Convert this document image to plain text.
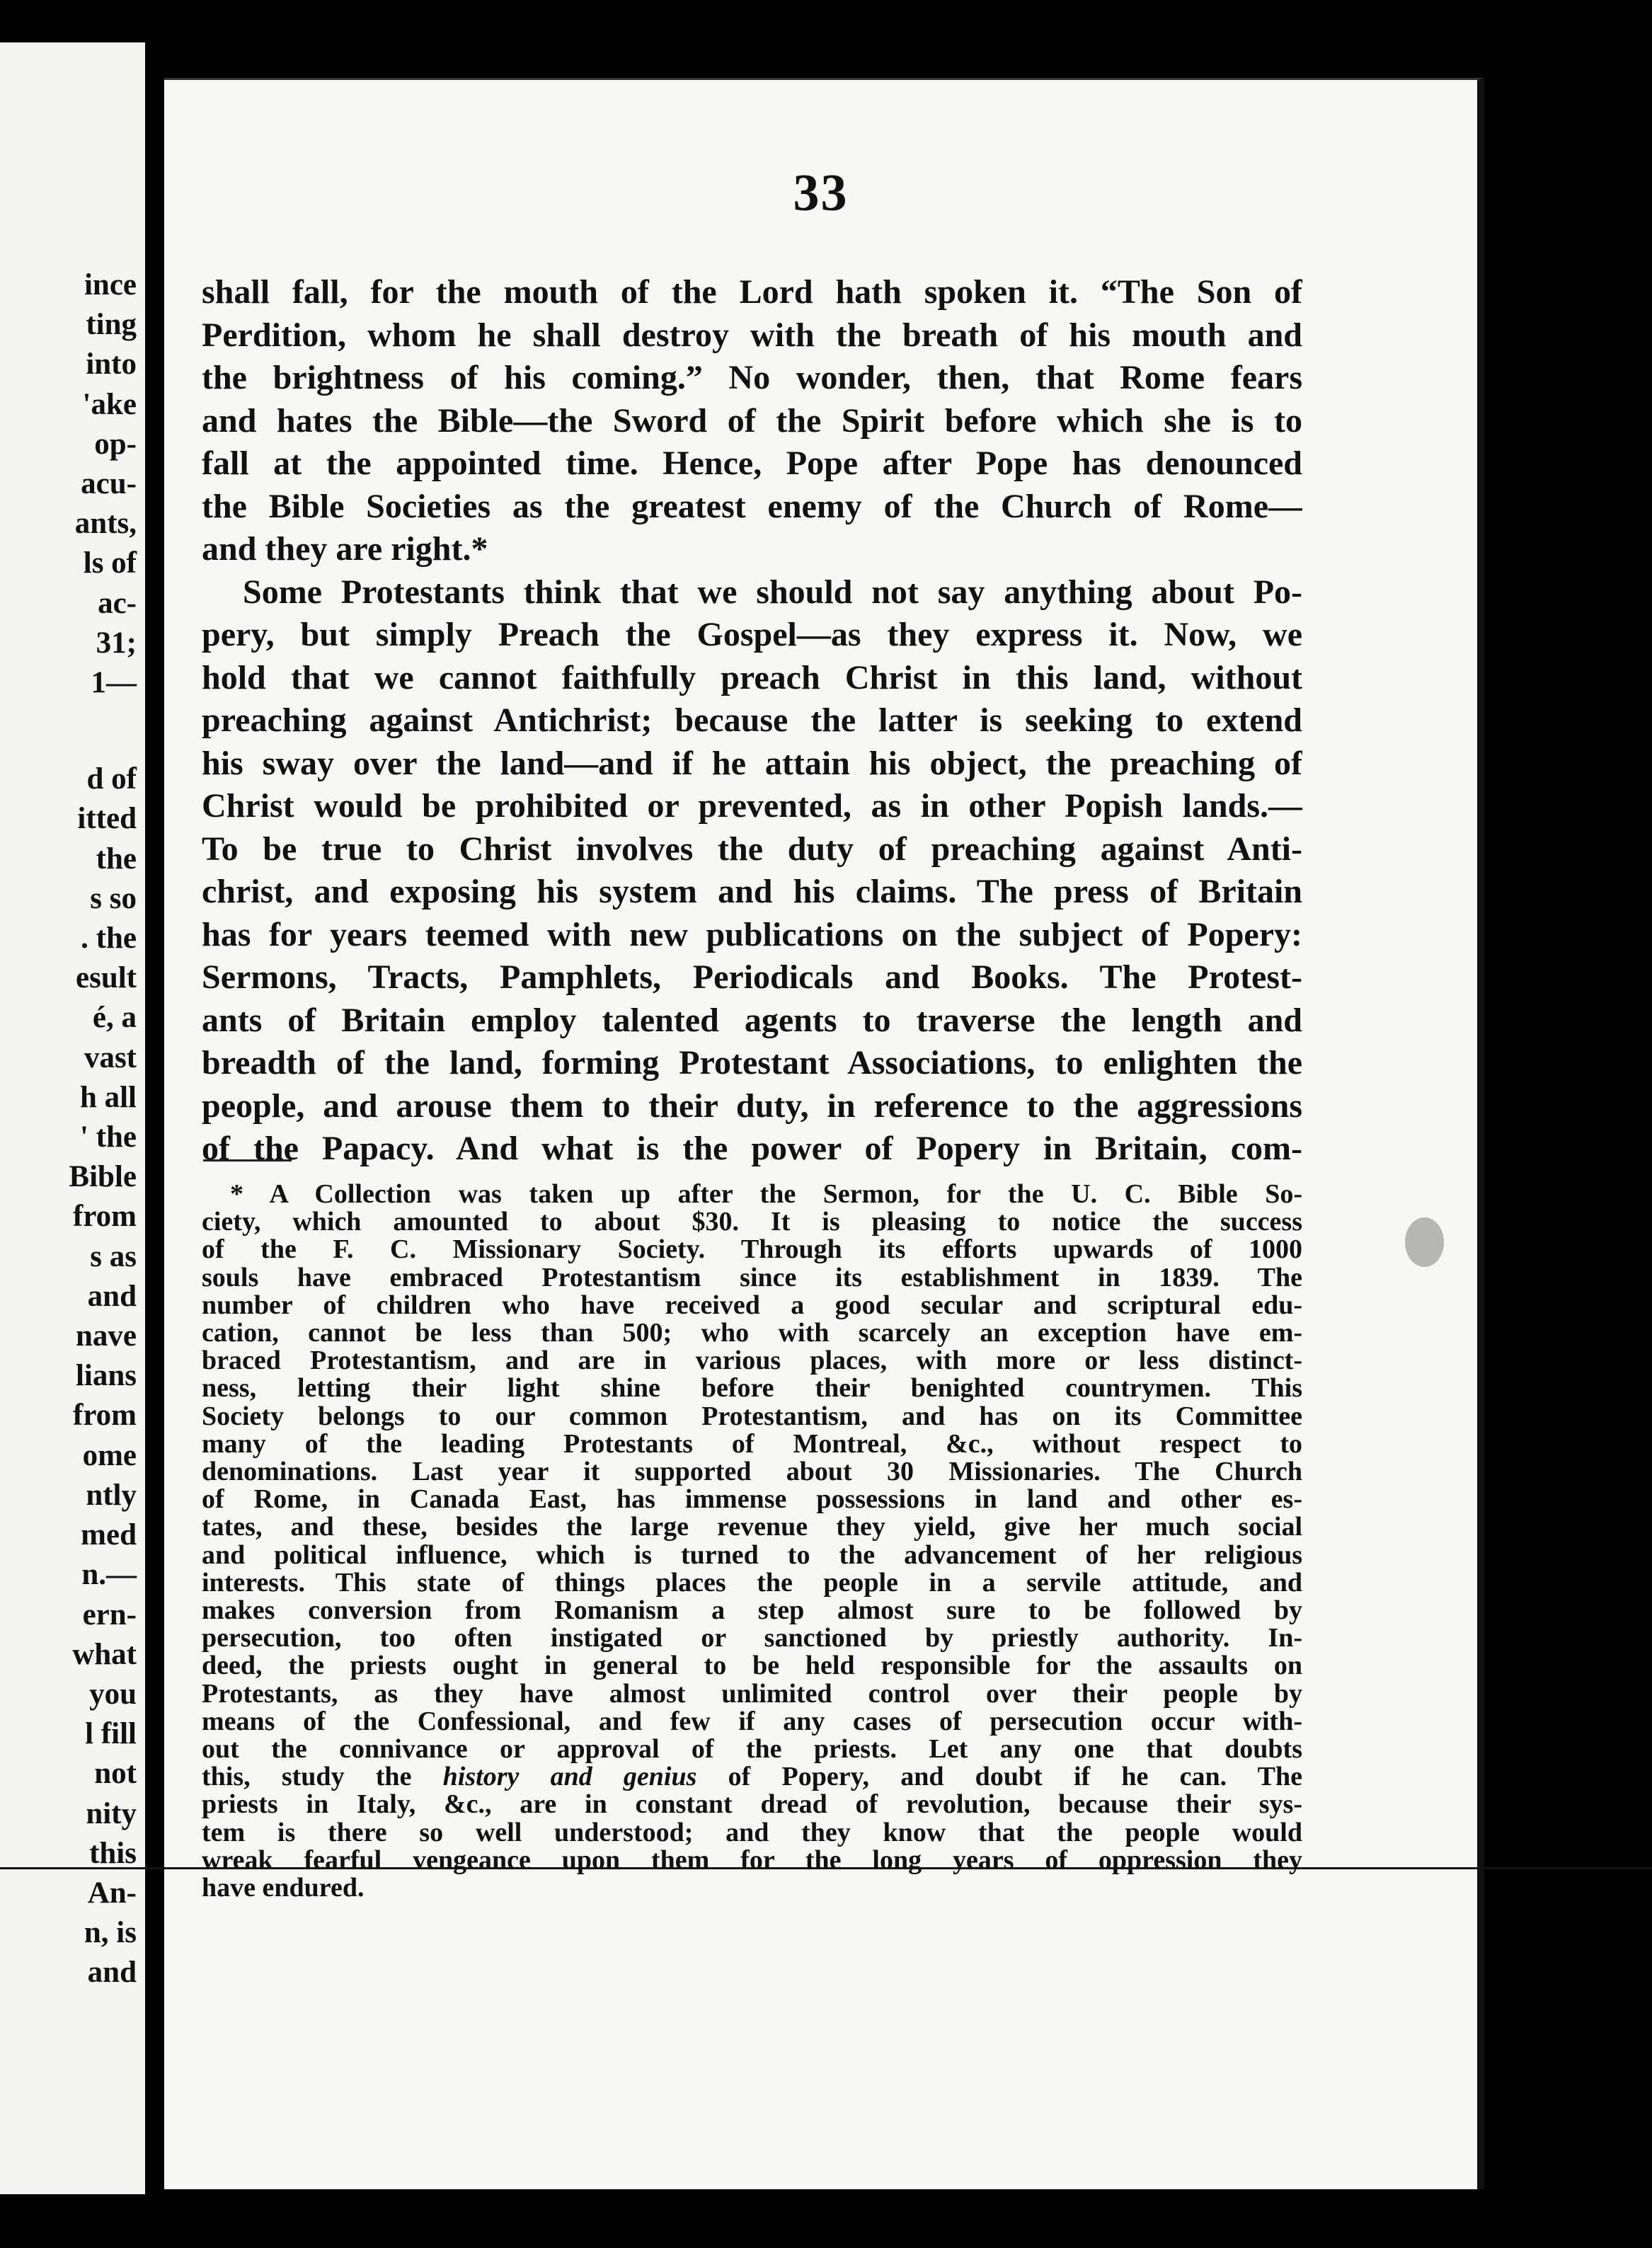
ince
ting
into
'ake
op-
acu-
ants,
ls of
ac-
31;
1—
d of
itted
the
s so
. the
esult
é, a
vast
h all
' the
Bible
from
s as
and
nave
lians
from
ome
ntly
med
n.—
ern-
what
you
l fill
not
nity
this
An-
n, is
and
33
shall fall, for the mouth of the Lord hath spoken it. “The Son of
Perdition, whom he shall destroy with the breath of his mouth and
the brightness of his coming.” No wonder, then, that Rome fears
and hates the Bible—the Sword of the Spirit before which she is to
fall at the appointed time. Hence, Pope after Pope has denounced
the Bible Societies as the greatest enemy of the Church of Rome—
and they are right.*
Some Protestants think that we should not say anything about Po-
pery, but simply Preach the Gospel—as they express it. Now, we
hold that we cannot faithfully preach Christ in this land, without
preaching against Antichrist; because the latter is seeking to extend
his sway over the land—and if he attain his object, the preaching of
Christ would be prohibited or prevented, as in other Popish lands.—
To be true to Christ involves the duty of preaching against Anti-
christ, and exposing his system and his claims. The press of Britain
has for years teemed with new publications on the subject of Popery:
Sermons, Tracts, Pamphlets, Periodicals and Books. The Protest-
ants of Britain employ talented agents to traverse the length and
breadth of the land, forming Protestant Associations, to enlighten the
people, and arouse them to their duty, in reference to the aggressions
of the Papacy. And what is the power of Popery in Britain, com-
* A Collection was taken up after the Sermon, for the U. C. Bible So-
ciety, which amounted to about $30. It is pleasing to notice the success
of the F. C. Missionary Society. Through its efforts upwards of 1000
souls have embraced Protestantism since its establishment in 1839. The
number of children who have received a good secular and scriptural edu-
cation, cannot be less than 500; who with scarcely an exception have em-
braced Protestantism, and are in various places, with more or less distinct-
ness, letting their light shine before their benighted countrymen. This
Society belongs to our common Protestantism, and has on its Committee
many of the leading Protestants of Montreal, &c., without respect to
denominations. Last year it supported about 30 Missionaries. The Church
of Rome, in Canada East, has immense possessions in land and other es-
tates, and these, besides the large revenue they yield, give her much social
and political influence, which is turned to the advancement of her religious
interests. This state of things places the people in a servile attitude, and
makes conversion from Romanism a step almost sure to be followed by
persecution, too often instigated or sanctioned by priestly authority. In-
deed, the priests ought in general to be held responsible for the assaults on
Protestants, as they have almost unlimited control over their people by
means of the Confessional, and few if any cases of persecution occur with-
out the connivance or approval of the priests. Let any one that doubts
this, study the history and genius of Popery, and doubt if he can. The
priests in Italy, &c., are in constant dread of revolution, because their sys-
tem is there so well understood; and they know that the people would
wreak fearful vengeance upon them for the long years of oppression they
have endured.
